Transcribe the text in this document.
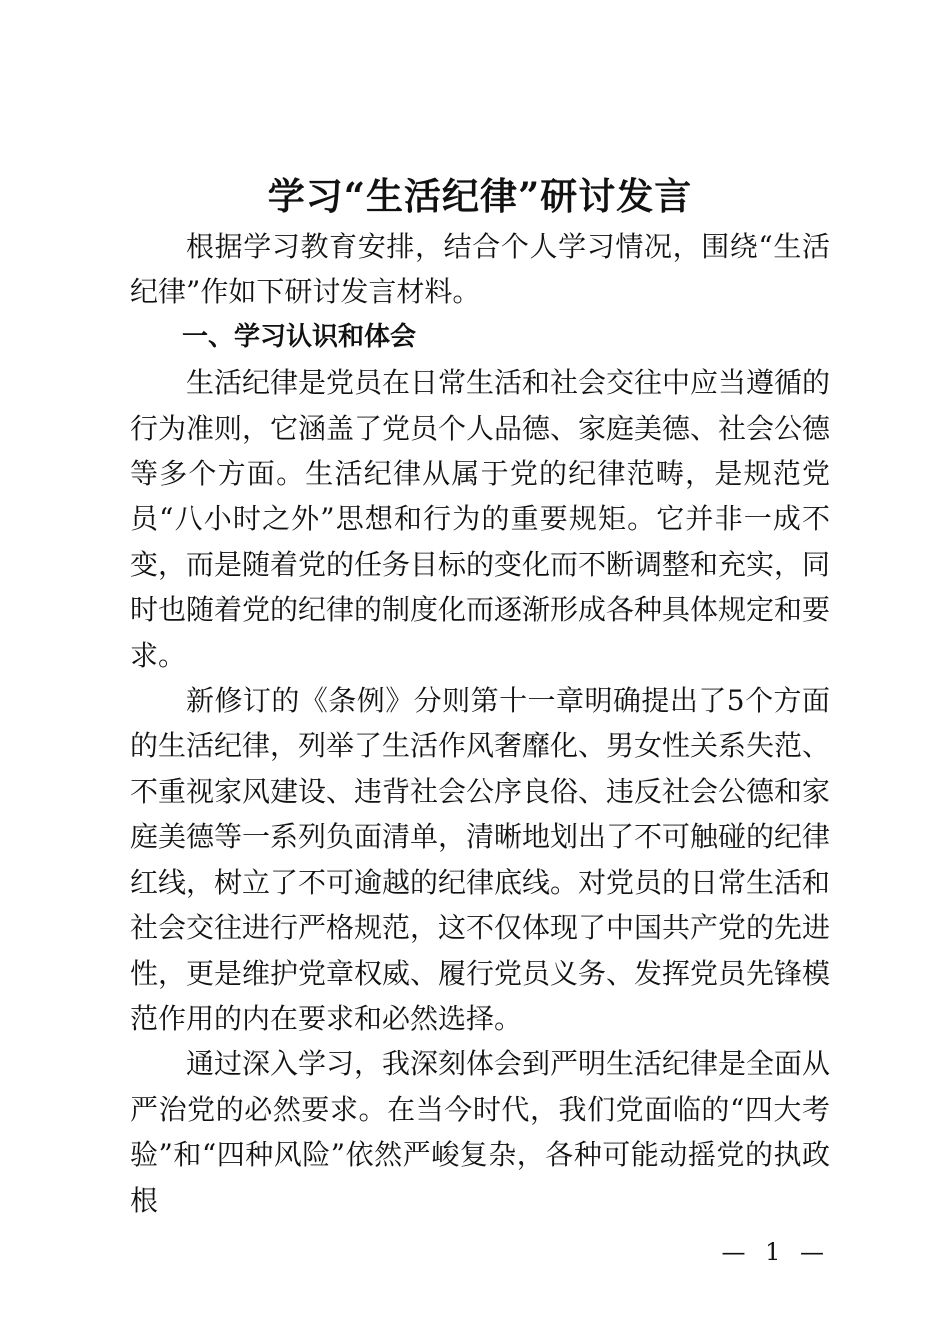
学习“生活纪律”研讨发言

根据学习教育安排，结合个人学习情况，围绕“生活纪律”作如下研讨发言材料。

一、学习认识和体会

生活纪律是党员在日常生活和社会交往中应当遵循的行为准则，它涵盖了党员个人品德、家庭美德、社会公德等多个方面。生活纪律从属于党的纪律范畴，是规范党员“八小时之外”思想和行为的重要规矩。它并非一成不变，而是随着党的任务目标的变化而不断调整和充实，同时也随着党的纪律的制度化而逐渐形成各种具体规定和要求。

新修订的《条例》分则第十一章明确提出了5个方面的生活纪律，列举了生活作风奢靡化、男女性关系失范、不重视家风建设、违背社会公序良俗、违反社会公德和家庭美德等一系列负面清单，清晰地划出了不可触碰的纪律红线，树立了不可逾越的纪律底线。对党员的日常生活和社会交往进行严格规范，这不仅体现了中国共产党的先进性，更是维护党章权威、履行党员义务、发挥党员先锋模范作用的内在要求和必然选择。

通过深入学习，我深刻体会到严明生活纪律是全面从严治党的必然要求。在当今时代，我们党面临的“四大考验”和“四种风险”依然严峻复杂，各种可能动摇党的执政根

— 1 —
